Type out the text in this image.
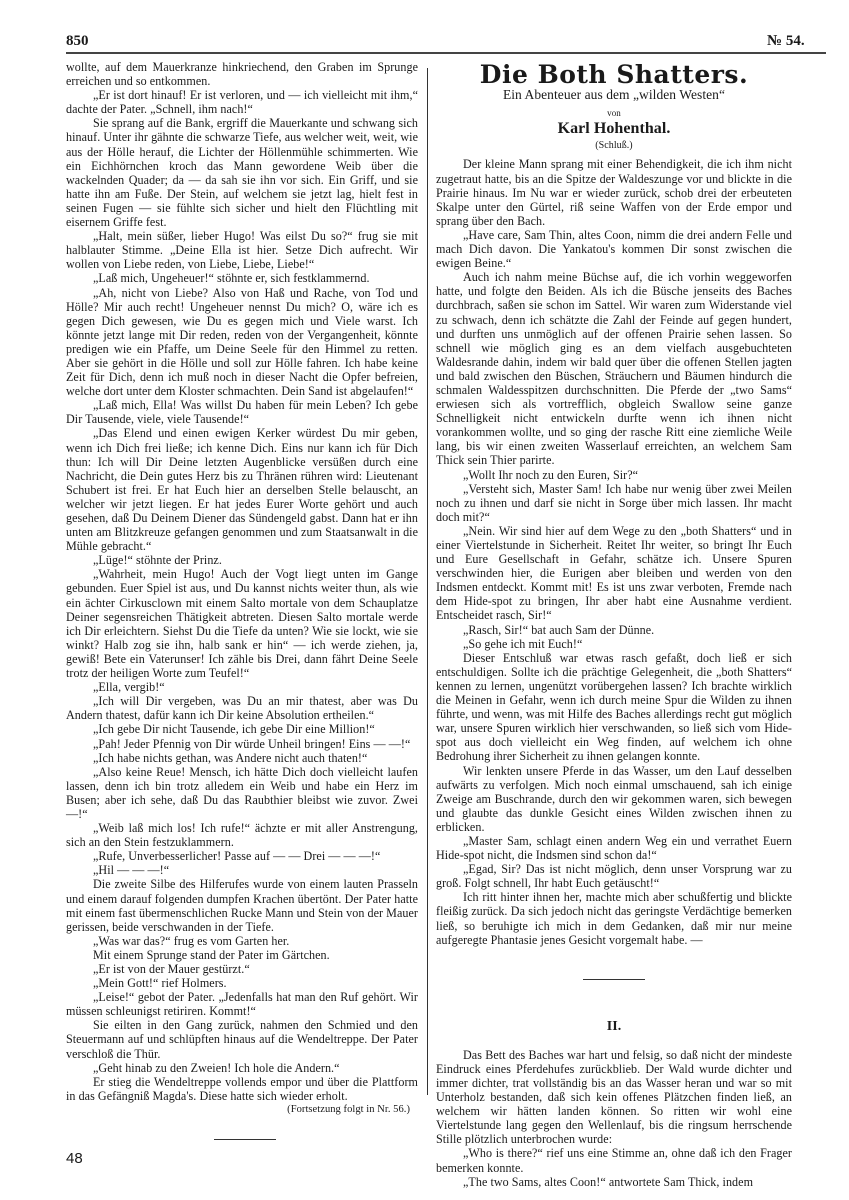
850	№ 54.

wollte, auf dem Mauerkranze hinkriechend, den Graben im Sprunge erreichen und so entkommen.

„Er ist dort hinauf! Er ist verloren, und — ich vielleicht mit ihm,“ dachte der Pater. „Schnell, ihm nach!“

Sie sprang auf die Bank, ergriff die Mauerkante und schwang sich hinauf. Unter ihr gähnte die schwarze Tiefe, aus welcher weit, weit, wie aus der Hölle herauf, die Lichter der Höllenmühle schimmerten. Wie ein Eichhörnchen kroch das Mann gewordene Weib über die wackelnden Quader; da — da sah sie ihn vor sich. Ein Griff, und sie hatte ihn am Fuße. Der Stein, auf welchem sie jetzt lag, hielt fest in seinen Fugen — sie fühlte sich sicher und hielt den Flüchtling mit eisernem Griffe fest.

„Halt, mein süßer, lieber Hugo! Was eilst Du so?“ frug sie mit halblauter Stimme. „Deine Ella ist hier. Setze Dich aufrecht. Wir wollen von Liebe reden, von Liebe, Liebe, Liebe!“

„Laß mich, Ungeheuer!“ stöhnte er, sich festklammernd.

„Ah, nicht von Liebe? Also von Haß und Rache, von Tod und Hölle? Mir auch recht! Ungeheuer nennst Du mich? O, wäre ich es gegen Dich gewesen, wie Du es gegen mich und Viele warst. Ich könnte jetzt lange mit Dir reden, reden von der Vergangenheit, könnte predigen wie ein Pfaffe, um Deine Seele für den Himmel zu retten. Aber sie gehört in die Hölle und soll zur Hölle fahren. Ich habe keine Zeit für Dich, denn ich muß noch in dieser Nacht die Opfer befreien, welche dort unter dem Kloster schmachten. Dein Sand ist abgelaufen!“

„Laß mich, Ella! Was willst Du haben für mein Leben? Ich gebe Dir Tausende, viele, viele Tausende!“

„Das Elend und einen ewigen Kerker würdest Du mir geben, wenn ich Dich frei ließe; ich kenne Dich. Eins nur kann ich für Dich thun: Ich will Dir Deine letzten Augenblicke versüßen durch eine Nachricht, die Dein gutes Herz bis zu Thränen rühren wird: Lieutenant Schubert ist frei. Er hat Euch hier an derselben Stelle belauscht, an welcher wir jetzt liegen. Er hat jedes Eurer Worte gehört und auch gesehen, daß Du Deinem Diener das Sündengeld gabst. Dann hat er ihn unten am Blitzkreuze gefangen genommen und zum Staatsanwalt in die Mühle gebracht.“

„Lüge!“ stöhnte der Prinz.

„Wahrheit, mein Hugo! Auch der Vogt liegt unten im Gange gebunden. Euer Spiel ist aus, und Du kannst nichts weiter thun, als wie ein ächter Cirkusclown mit einem Salto mortale von dem Schauplatze Deiner segensreichen Thätigkeit abtreten. Diesen Salto mortale werde ich Dir erleichtern. Siehst Du die Tiefe da unten? Wie sie lockt, wie sie winkt? Halb zog sie ihn, halb sank er hin“ — ich werde ziehen, ja, gewiß! Bete ein Vaterunser! Ich zähle bis Drei, dann fährt Deine Seele trotz der heiligen Worte zum Teufel!“

„Ella, vergib!“

„Ich will Dir vergeben, was Du an mir thatest, aber was Du Andern thatest, dafür kann ich Dir keine Absolution ertheilen.“

„Ich gebe Dir nicht Tausende, ich gebe Dir eine Million!“

„Pah! Jeder Pfennig von Dir würde Unheil bringen! Eins — —!“

„Ich habe nichts gethan, was Andere nicht auch thaten!“

„Also keine Reue! Mensch, ich hätte Dich doch vielleicht laufen lassen, denn ich bin trotz alledem ein Weib und habe ein Herz im Busen; aber ich sehe, daß Du das Raubthier bleibst wie zuvor. Zwei —!“

„Weib laß mich los! Ich rufe!“ ächzte er mit aller Anstrengung, sich an den Stein festzuklammern.

„Rufe, Unverbesserlicher! Passe auf — — Drei — — —!“

„Hil — — —!“

Die zweite Silbe des Hilferufes wurde von einem lauten Prasseln und einem darauf folgenden dumpfen Krachen übertönt. Der Pater hatte mit einem fast übermenschlichen Rucke Mann und Stein von der Mauer gerissen, beide verschwanden in der Tiefe.

„Was war das?“ frug es vom Garten her.

Mit einem Sprunge stand der Pater im Gärtchen.

„Er ist von der Mauer gestürzt.“

„Mein Gott!“ rief Holmers.

„Leise!“ gebot der Pater. „Jedenfalls hat man den Ruf gehört. Wir müssen schleunigst retiriren. Kommt!“

Sie eilten in den Gang zurück, nahmen den Schmied und den Steuermann auf und schlüpften hinaus auf die Wendeltreppe. Der Pater verschloß die Thür.

„Geht hinab zu den Zweien! Ich hole die Andern.“

Er stieg die Wendeltreppe vollends empor und über die Plattform in das Gefängniß Magda's. Diese hatte sich wieder erholt.

(Fortsetzung folgt in Nr. 56.)

Die Both Shatters.
Ein Abenteuer aus dem „wilden Westen“
von
Karl Hohenthal.
(Schluß.)

Der kleine Mann sprang mit einer Behendigkeit, die ich ihm nicht zugetraut hatte, bis an die Spitze der Waldeszunge vor und blickte in die Prairie hinaus. Im Nu war er wieder zurück, schob drei der erbeuteten Skalpe unter den Gürtel, riß seine Waffen von der Erde empor und sprang über den Bach.

„Have care, Sam Thin, altes Coon, nimm die drei andern Felle und mach Dich davon. Die Yankatou's kommen Dir sonst zwischen die ewigen Beine.“

Auch ich nahm meine Büchse auf, die ich vorhin weggeworfen hatte, und folgte den Beiden. Als ich die Büsche jenseits des Baches durchbrach, saßen sie schon im Sattel. Wir waren zum Widerstande viel zu schwach, denn ich schätzte die Zahl der Feinde auf gegen hundert, und durften uns unmöglich auf der offenen Prairie sehen lassen. So schnell wie möglich ging es an dem vielfach ausgebuchteten Waldesrande dahin, indem wir bald quer über die offenen Stellen jagten und bald zwischen den Büschen, Sträuchern und Bäumen hindurch die schmalen Waldesspitzen durchschnitten. Die Pferde der „two Sams“ erwiesen sich als vortrefflich, obgleich Swallow seine ganze Schnelligkeit nicht entwickeln durfte wenn ich ihnen nicht vorankommen wollte, und so ging der rasche Ritt eine ziemliche Weile lang, bis wir einen zweiten Wasserlauf erreichten, an welchem Sam Thick sein Thier parirte.

„Wollt Ihr noch zu den Euren, Sir?“

„Versteht sich, Master Sam! Ich habe nur wenig über zwei Meilen noch zu ihnen und darf sie nicht in Sorge über mich lassen. Ihr macht doch mit?“

„Nein. Wir sind hier auf dem Wege zu den „both Shatters“ und in einer Viertelstunde in Sicherheit. Reitet Ihr weiter, so bringt Ihr Euch und Eure Gesellschaft in Gefahr, schätze ich. Unsere Spuren verschwinden hier, die Eurigen aber bleiben und werden von den Indsmen entdeckt. Kommt mit! Es ist uns zwar verboten, Fremde nach dem Hide-spot zu bringen, Ihr aber habt eine Ausnahme verdient. Entscheidet rasch, Sir!“

„Rasch, Sir!“ bat auch Sam der Dünne.

„So gehe ich mit Euch!“

Dieser Entschluß war etwas rasch gefaßt, doch ließ er sich entschuldigen. Sollte ich die prächtige Gelegenheit, die „both Shatters“ kennen zu lernen, ungenützt vorübergehen lassen? Ich brachte wirklich die Meinen in Gefahr, wenn ich durch meine Spur die Wilden zu ihnen führte, und wenn, was mit Hilfe des Baches allerdings recht gut möglich war, unsere Spuren wirklich hier verschwanden, so ließ sich vom Hide-spot aus doch vielleicht ein Weg finden, auf welchem ich ohne Bedrohung ihrer Sicherheit zu ihnen gelangen konnte.

Wir lenkten unsere Pferde in das Wasser, um den Lauf desselben aufwärts zu verfolgen. Mich noch einmal umschauend, sah ich einige Zweige am Buschrande, durch den wir gekommen waren, sich bewegen und glaubte das dunkle Gesicht eines Wilden zwischen ihnen zu erblicken.

„Master Sam, schlagt einen andern Weg ein und verrathet Euern Hide-spot nicht, die Indsmen sind schon da!“

„Egad, Sir? Das ist nicht möglich, denn unser Vorsprung war zu groß. Folgt schnell, Ihr habt Euch getäuscht!“

Ich ritt hinter ihnen her, machte mich aber schußfertig und blickte fleißig zurück. Da sich jedoch nicht das geringste Verdächtige bemerken ließ, so beruhigte ich mich in dem Gedanken, daß mir nur meine aufgeregte Phantasie jenes Gesicht vorgemalt habe. —

II.

Das Bett des Baches war hart und felsig, so daß nicht der mindeste Eindruck eines Pferdehufes zurückblieb. Der Wald wurde dichter und immer dichter, trat vollständig bis an das Wasser heran und war so mit Unterholz bestanden, daß sich kein offenes Plätzchen finden ließ, an welchem wir hätten landen können. So ritten wir wohl eine Viertelstunde lang gegen den Wellenlauf, bis die ringsum herrschende Stille plötzlich unterbrochen wurde:

„Who is there?“ rief uns eine Stimme an, ohne daß ich den Frager bemerken konnte.

„The two Sams, altes Coon!“ antwortete Sam Thick, indem

48
